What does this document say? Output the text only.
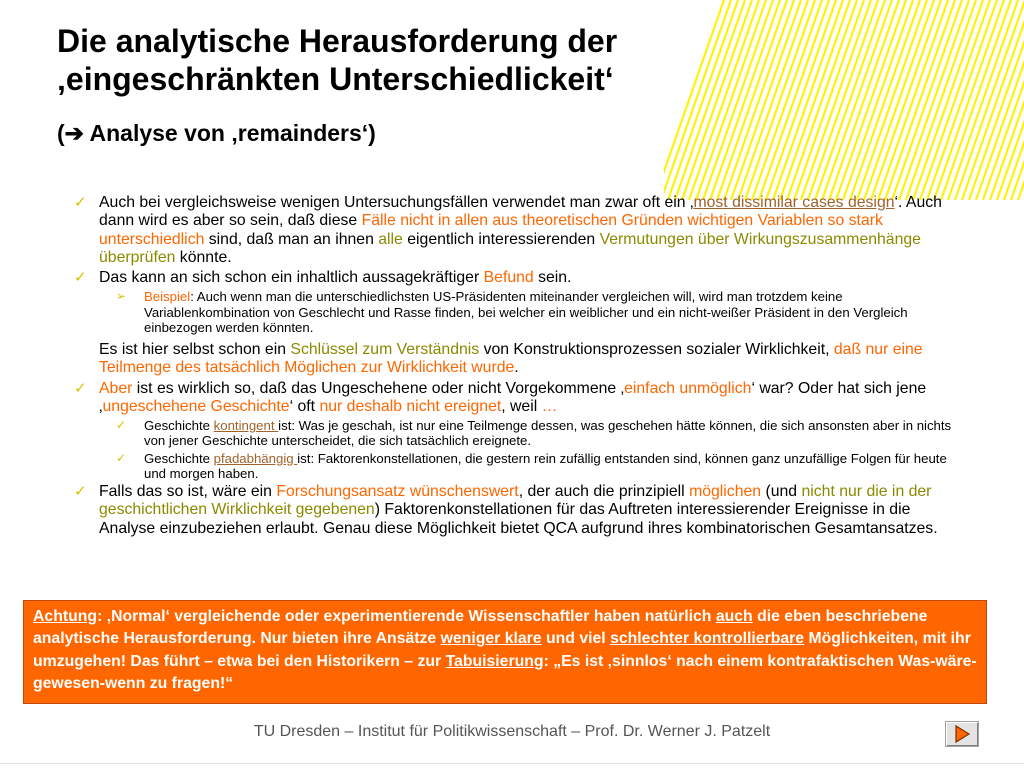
Die analytische Herausforderung der
‚eingeschränkten Unterschiedlickeit‘
(➔ Analyse von ‚remainders‘)
✓ Auch bei vergleichsweise wenigen Untersuchungsfällen verwendet man zwar oft ein ‚most dissimilar cases design‘. Auch dann wird es aber so sein, daß diese Fälle nicht in allen aus theoretischen Gründen wichtigen Variablen so stark unterschiedlich sind, daß man an ihnen alle eigentlich interessierenden Vermutungen über Wirkungszusammenhänge überprüfen könnte.
✓ Das kann an sich schon ein inhaltlich aussagekräftiger Befund sein.
➢ Beispiel: Auch wenn man die unterschiedlichsten US-Präsidenten miteinander vergleichen will, wird man trotzdem keine Variablenkombination von Geschlecht und Rasse finden, bei welcher ein weiblicher und ein nicht-weißer Präsident in den Vergleich einbezogen werden könnten.
Es ist hier selbst schon ein Schlüssel zum Verständnis von Konstruktionsprozessen sozialer Wirklichkeit, daß nur eine Teilmenge des tatsächlich Möglichen zur Wirklichkeit wurde.
✓ Aber ist es wirklich so, daß das Ungeschehene oder nicht Vorgekommene ‚einfach unmöglich‘ war? Oder hat sich jene ‚ungeschehene Geschichte‘ oft nur deshalb nicht ereignet, weil …
✓ Geschichte kontingent ist: Was je geschah, ist nur eine Teilmenge dessen, was geschehen hätte können, die sich ansonsten aber in nichts von jener Geschichte unterscheidet, die sich tatsächlich ereignete.
✓ Geschichte pfadabhängig ist: Faktorenkonstellationen, die gestern rein zufällig entstanden sind, können ganz unzufällige Folgen für heute und morgen haben.
✓ Falls das so ist, wäre ein Forschungsansatz wünschenswert, der auch die prinzipiell möglichen (und nicht nur die in der geschichtlichen Wirklichkeit gegebenen) Faktorenkonstellationen für das Auftreten interessierender Ereignisse in die Analyse einzubeziehen erlaubt. Genau diese Möglichkeit bietet QCA aufgrund ihres kombinatorischen Gesamtansatzes.
Achtung: ‚Normal‘ vergleichende oder experimentierende Wissenschaftler haben natürlich auch die eben beschriebene analytische Herausforderung. Nur bieten ihre Ansätze weniger klare und viel schlechter kontrollierbare Möglichkeiten, mit ihr umzugehen! Das führt – etwa bei den Historikern – zur Tabuisierung: „Es ist ‚sinnlos‘ nach einem kontrafaktischen Was-wäre-gewesen-wenn zu fragen!“
TU Dresden – Institut für Politikwissenschaft – Prof. Dr. Werner J. Patzelt
